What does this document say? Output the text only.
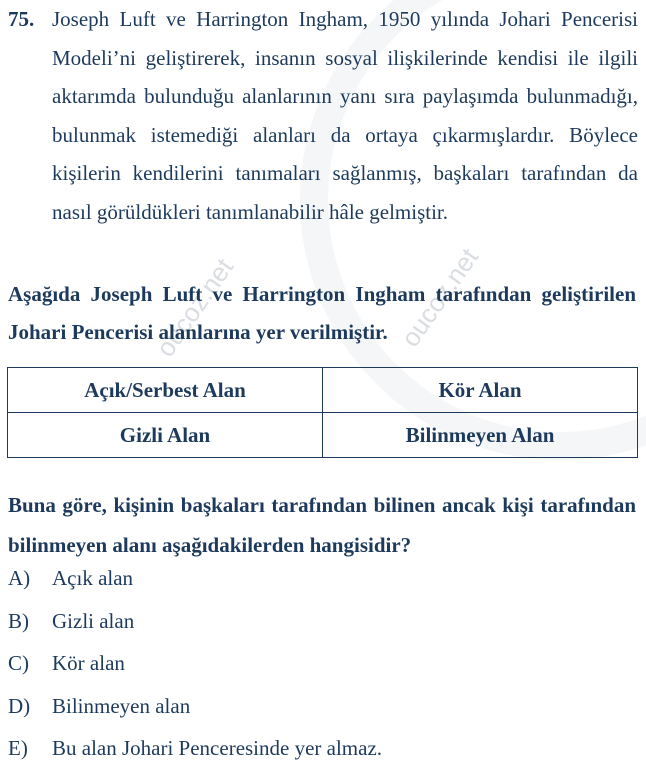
oucoz.net	oucoz.net
75. Joseph Luft ve Harrington Ingham, 1950 yılında Johari Pencerisi Modeli’ni geliştirerek, insanın sosyal ilişkilerinde kendisi ile ilgili aktarımda bulunduğu alanlarının yanı sıra paylaşımda bulunmadığı, bulunmak istemediği alanları da ortaya çıkarmışlardır. Böylece kişilerin kendilerini tanımaları sağlanmış, başkaları tarafından da nasıl görüldükleri tanımlanabilir hâle gelmiştir.
Aşağıda Joseph Luft ve Harrington Ingham tarafından geliştirilen Johari Pencerisi alanlarına yer verilmiştir.
Açık/Serbest Alan	Kör Alan
Gizli Alan	Bilinmeyen Alan
Buna göre, kişinin başkaları tarafından bilinen ancak kişi tarafından bilinmeyen alanı aşağıdakilerden hangisidir?
A) Açık alan
B) Gizli alan
C) Kör alan
D) Bilinmeyen alan
E) Bu alan Johari Penceresinde yer almaz.
